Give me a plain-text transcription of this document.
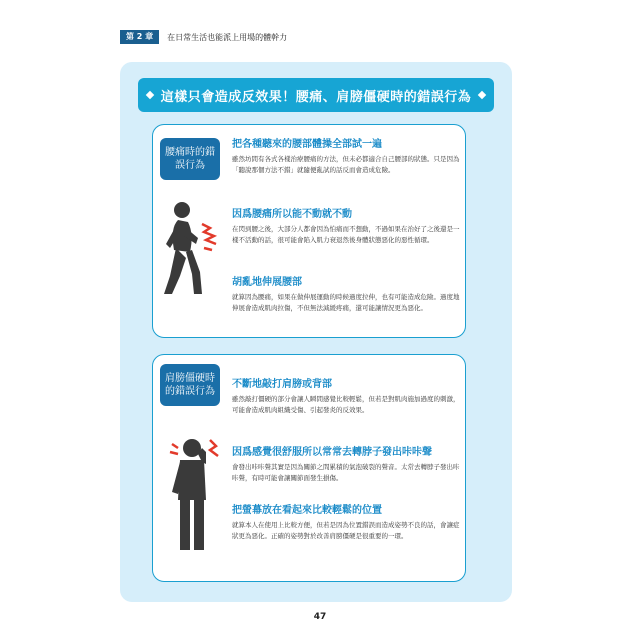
第 2 章	在日常生活也能派上用場的體幹力
這樣只會造成反效果！腰痛、肩膀僵硬時的錯誤行為
腰痛時的錯誤行為
把各種聽來的腰部體操全部試一遍
雖然坊間有各式各樣治療腰痛的方法，但未必都適合自己腰部的狀態。只是因為「聽說那個方法不錯」就隨便亂試的話反而會造成危險。
因爲腰痛所以能不動就不動
在閃到腰之後，大部分人都會因為怕痛而不想動，不過如果在治好了之後還是一樣不活動的話，很可能會陷入肌力衰退然後身體狀態惡化的惡性循環。
胡亂地伸展腰部
就算因為腰痛，如果在做伸展運動的時候過度拉伸，也有可能造成危險。過度地伸展會造成肌肉拉傷，不但無法減緩疼痛，還可能讓情況更為惡化。
肩膀僵硬時的錯誤行為
不斷地敲打肩膀或背部
雖然敲打僵硬的部分會讓人瞬間感覺比較輕鬆，但若是對肌肉施加過度的刺激，可能會造成肌肉組織受傷、引起發炎的反效果。
因爲感覺很舒服所以常常去轉脖子發出咔咔聲
會發出咔咔聲其實是因為關節之間累積的氣泡破裂的聲音。太常去轉脖子發出咔咔聲，有時可能會讓關節面發生損傷。
把螢幕放在看起來比較輕鬆的位置
就算本人在使用上比較方便，但若是因為位置錯誤而造成姿勢不良的話，會讓症狀更為惡化。正確的姿勢對於改善肩膀僵硬是很重要的一環。
47
